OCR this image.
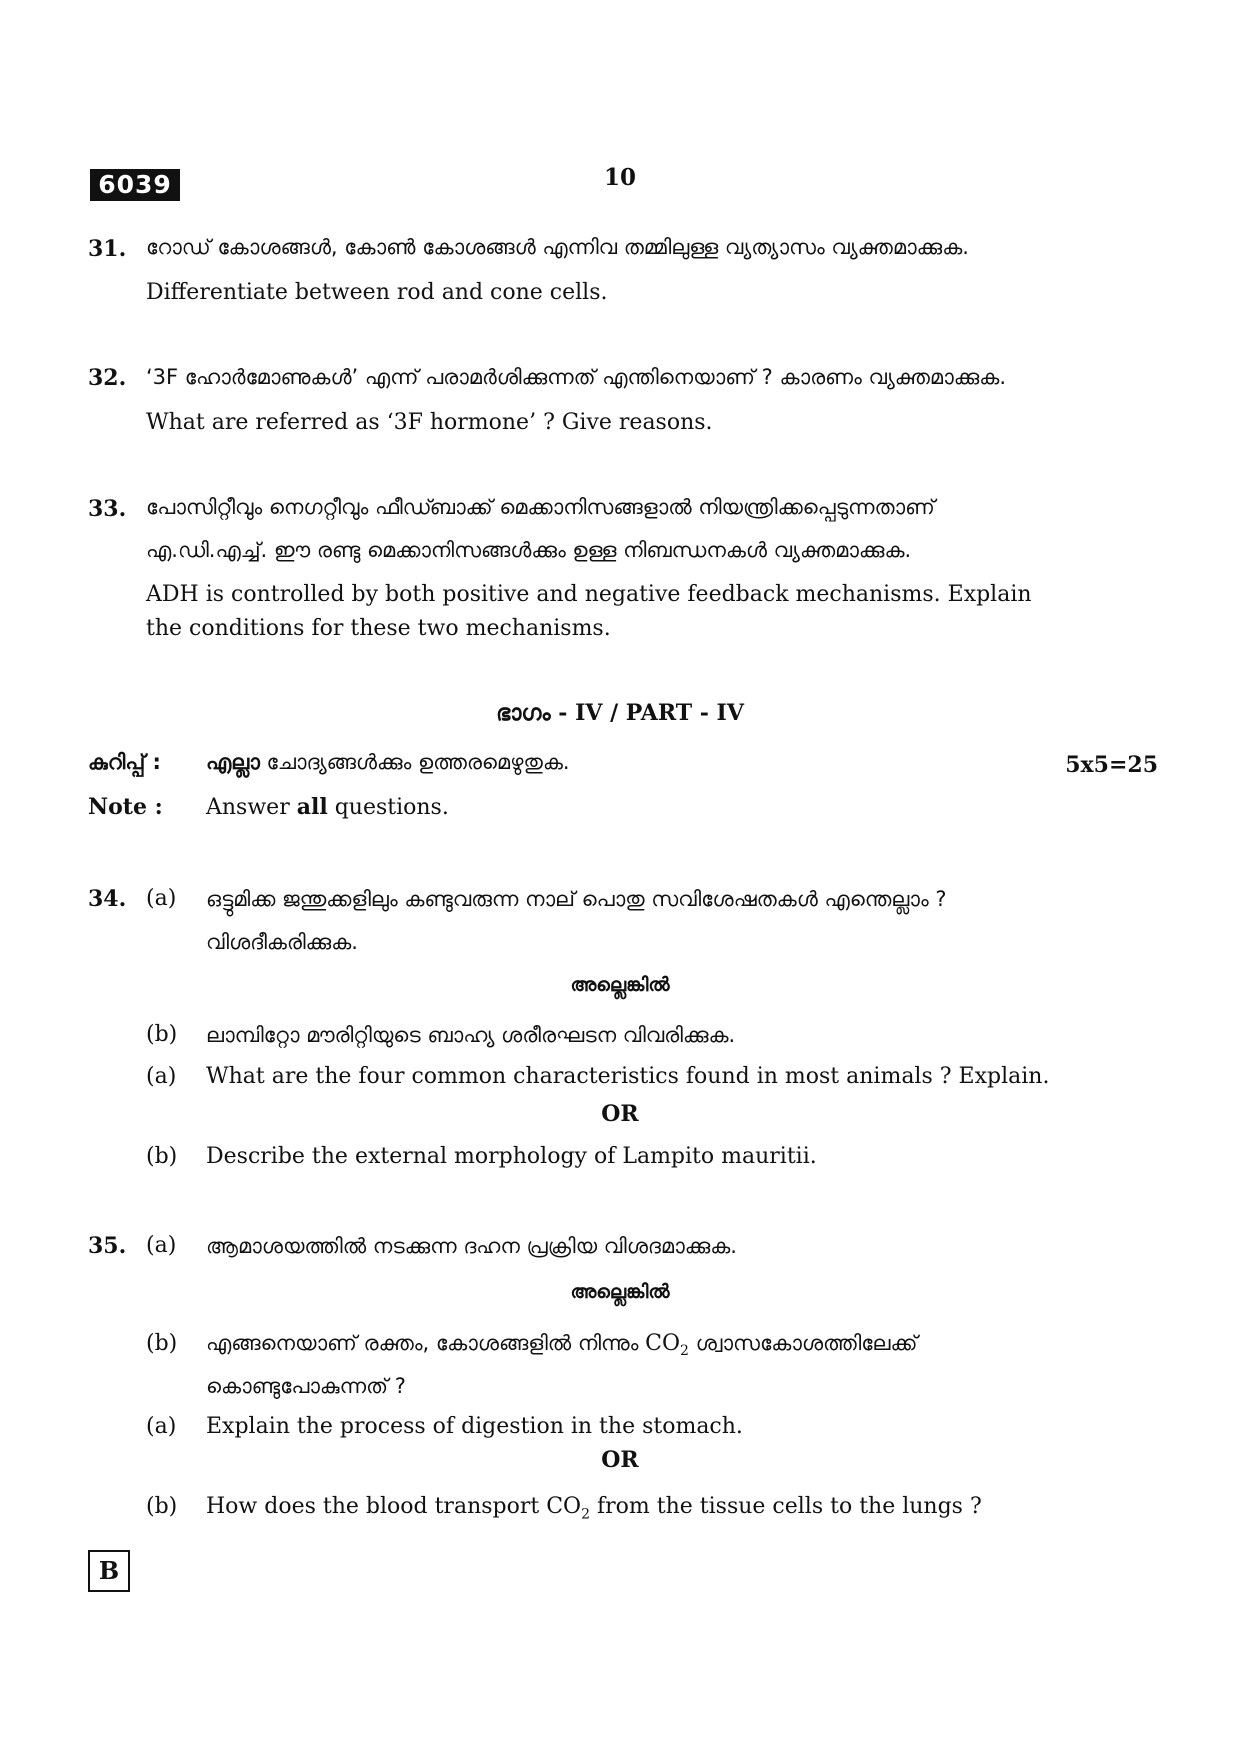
6039	10
31. റോഡ് കോശങ്ങൾ, കോൺ കോശങ്ങൾ എന്നിവ തമ്മിലുള്ള വ്യത്യാസം വ്യക്തമാക്കുക.
Differentiate between rod and cone cells.
32. ‘3F ഹോർമോണുകൾ’ എന്ന് പരാമർശിക്കുന്നത് എന്തിനെയാണ് ? കാരണം വ്യക്തമാക്കുക.
What are referred as ‘3F hormone’ ? Give reasons.
33. പോസിറ്റീവും നെഗറ്റീവും ഫീഡ്ബാക്ക് മെക്കാനിസങ്ങളാൽ നിയന്ത്രിക്കപ്പെടുന്നതാണ്
എ.ഡി.എച്ച്. ഈ രണ്ടു മെക്കാനിസങ്ങൾക്കും ഉള്ള നിബന്ധനകൾ വ്യക്തമാക്കുക.
ADH is controlled by both positive and negative feedback mechanisms. Explain
the conditions for these two mechanisms.
ഭാഗം - IV / PART - IV
കുറിപ്പ് : എല്ലാ ചോദ്യങ്ങൾക്കും ഉത്തരമെഴുതുക.	5x5=25
Note : Answer all questions.
34. (a) ഒട്ടുമിക്ക ജന്തുക്കളിലും കണ്ടുവരുന്ന നാല് പൊതു സവിശേഷതകൾ എന്തെല്ലാം ?
വിശദീകരിക്കുക.
അല്ലെങ്കിൽ
(b) ലാമ്പിറ്റോ മൗരിറ്റിയുടെ ബാഹ്യ ശരീരഘടന വിവരിക്കുക.
(a) What are the four common characteristics found in most animals ? Explain.
OR
(b) Describe the external morphology of Lampito mauritii.
35. (a) ആമാശയത്തിൽ നടക്കുന്ന ദഹന പ്രക്രിയ വിശദമാക്കുക.
അല്ലെങ്കിൽ
(b) എങ്ങനെയാണ് രക്തം, കോശങ്ങളിൽ നിന്നും $CO_2$ ശ്വാസകോശത്തിലേക്ക്
കൊണ്ടുപോകുന്നത് ?
(a) Explain the process of digestion in the stomach.
OR
(b) How does the blood transport $CO_2$ from the tissue cells to the lungs ?
B
